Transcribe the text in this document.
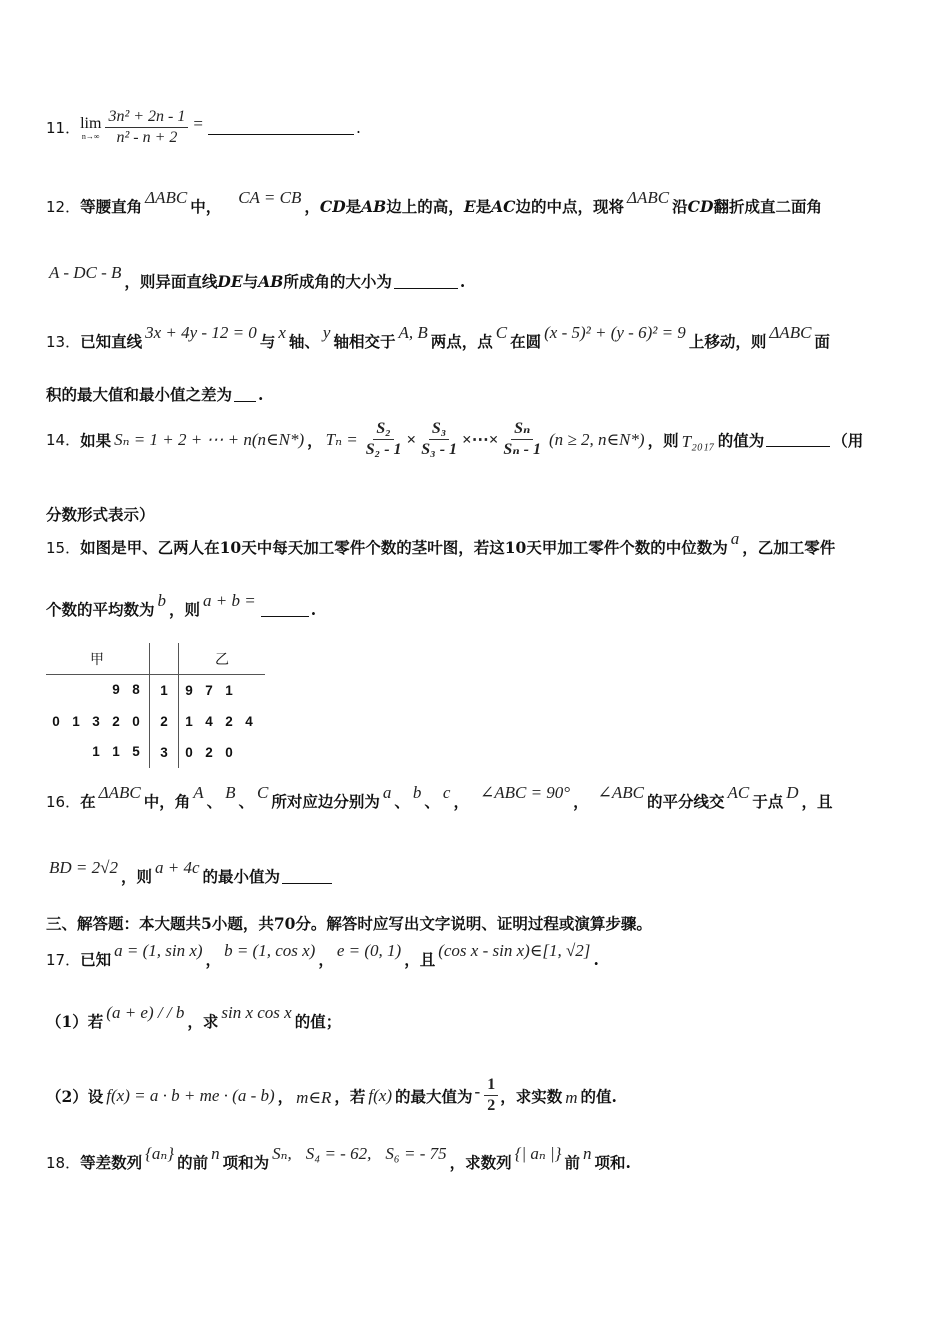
11． lim
$n\to\infty \frac{\text{3n² + 2n - 1}}{\text{n² - n + 2}}$ =	.
12． 等腰直角 ΔABC 中， CA = CB ， CD 是 AB 边上的高， E 是 AC 边的中点，现将 ΔABC 沿 CD 翻折成直二面角
A - DC - B ，则异面直线 DE 与 AB 所成角的大小为	.
13． 已知直线 3x + 4y - 12 = 0 与 x 轴、 y 轴相交于 A, B 两点，点 C 在圆 (x - 5)² + (y - 6)² = 9 上移动，则 ΔABC 面
积的最大值和最小值之差为 .
14． 如果 Sₙ = 1 + 2 + ⋯ + n(n∈N*) ， $T_n = \frac{\text{S₂}}{\text{S₂ - 1}} \times \frac{\text{S₃}}{\text{S₃ - 1}}$ ×⋯× $\frac{\text{Sₙ}}{\text{Sₙ - 1}} (n \ge 2$, n∈N*) ，则 T₂₀₁₇ 的值为	（用
分数形式表示）
15． 如图是甲、乙两人在 10 天中每天加工零件个数的茎叶图，若这 10 天甲加工零件个数的中位数为 a ，乙加工零件
个数的平均数为 b ，则 a + b =	.
甲			乙

9 8		1	9 7 1

0 1 3 2 0		2	1 4 2 4

1 1 5		3	0 2 0
16． 在 ΔABC 中，角 A 、 B 、 C 所对应边分别为 a 、 b 、 c ， ∠ABC = 90° ， ∠ABC 的平分线交 AC 于点 D ，且
BD = 2√2 ，则 a + 4c 的最小值为
三、解答题：本大题共 5 小题，共 70 分。解答时应写出文字说明、证明过程或演算步骤。
17． 已知 a = (1, sin x) ， b = (1, cos x) ， e = (0, 1) ，且 (cos x - sin x)∈[1, √2] .
（1）若 (a + e) / / b ，求 sin x cos x 的值；
（2）设 f(x) = a · b + me · (a - b) ， m∈R ，若 f(x) 的最大值为 - $\frac{1}{2}$ ，求实数 m 的值.
18． 等差数列 {aₙ} 的前 n 项和为 Sₙ, S₄ = - 62, S₆ = - 75 ，求数列 {| aₙ |} 前 n 项和.
